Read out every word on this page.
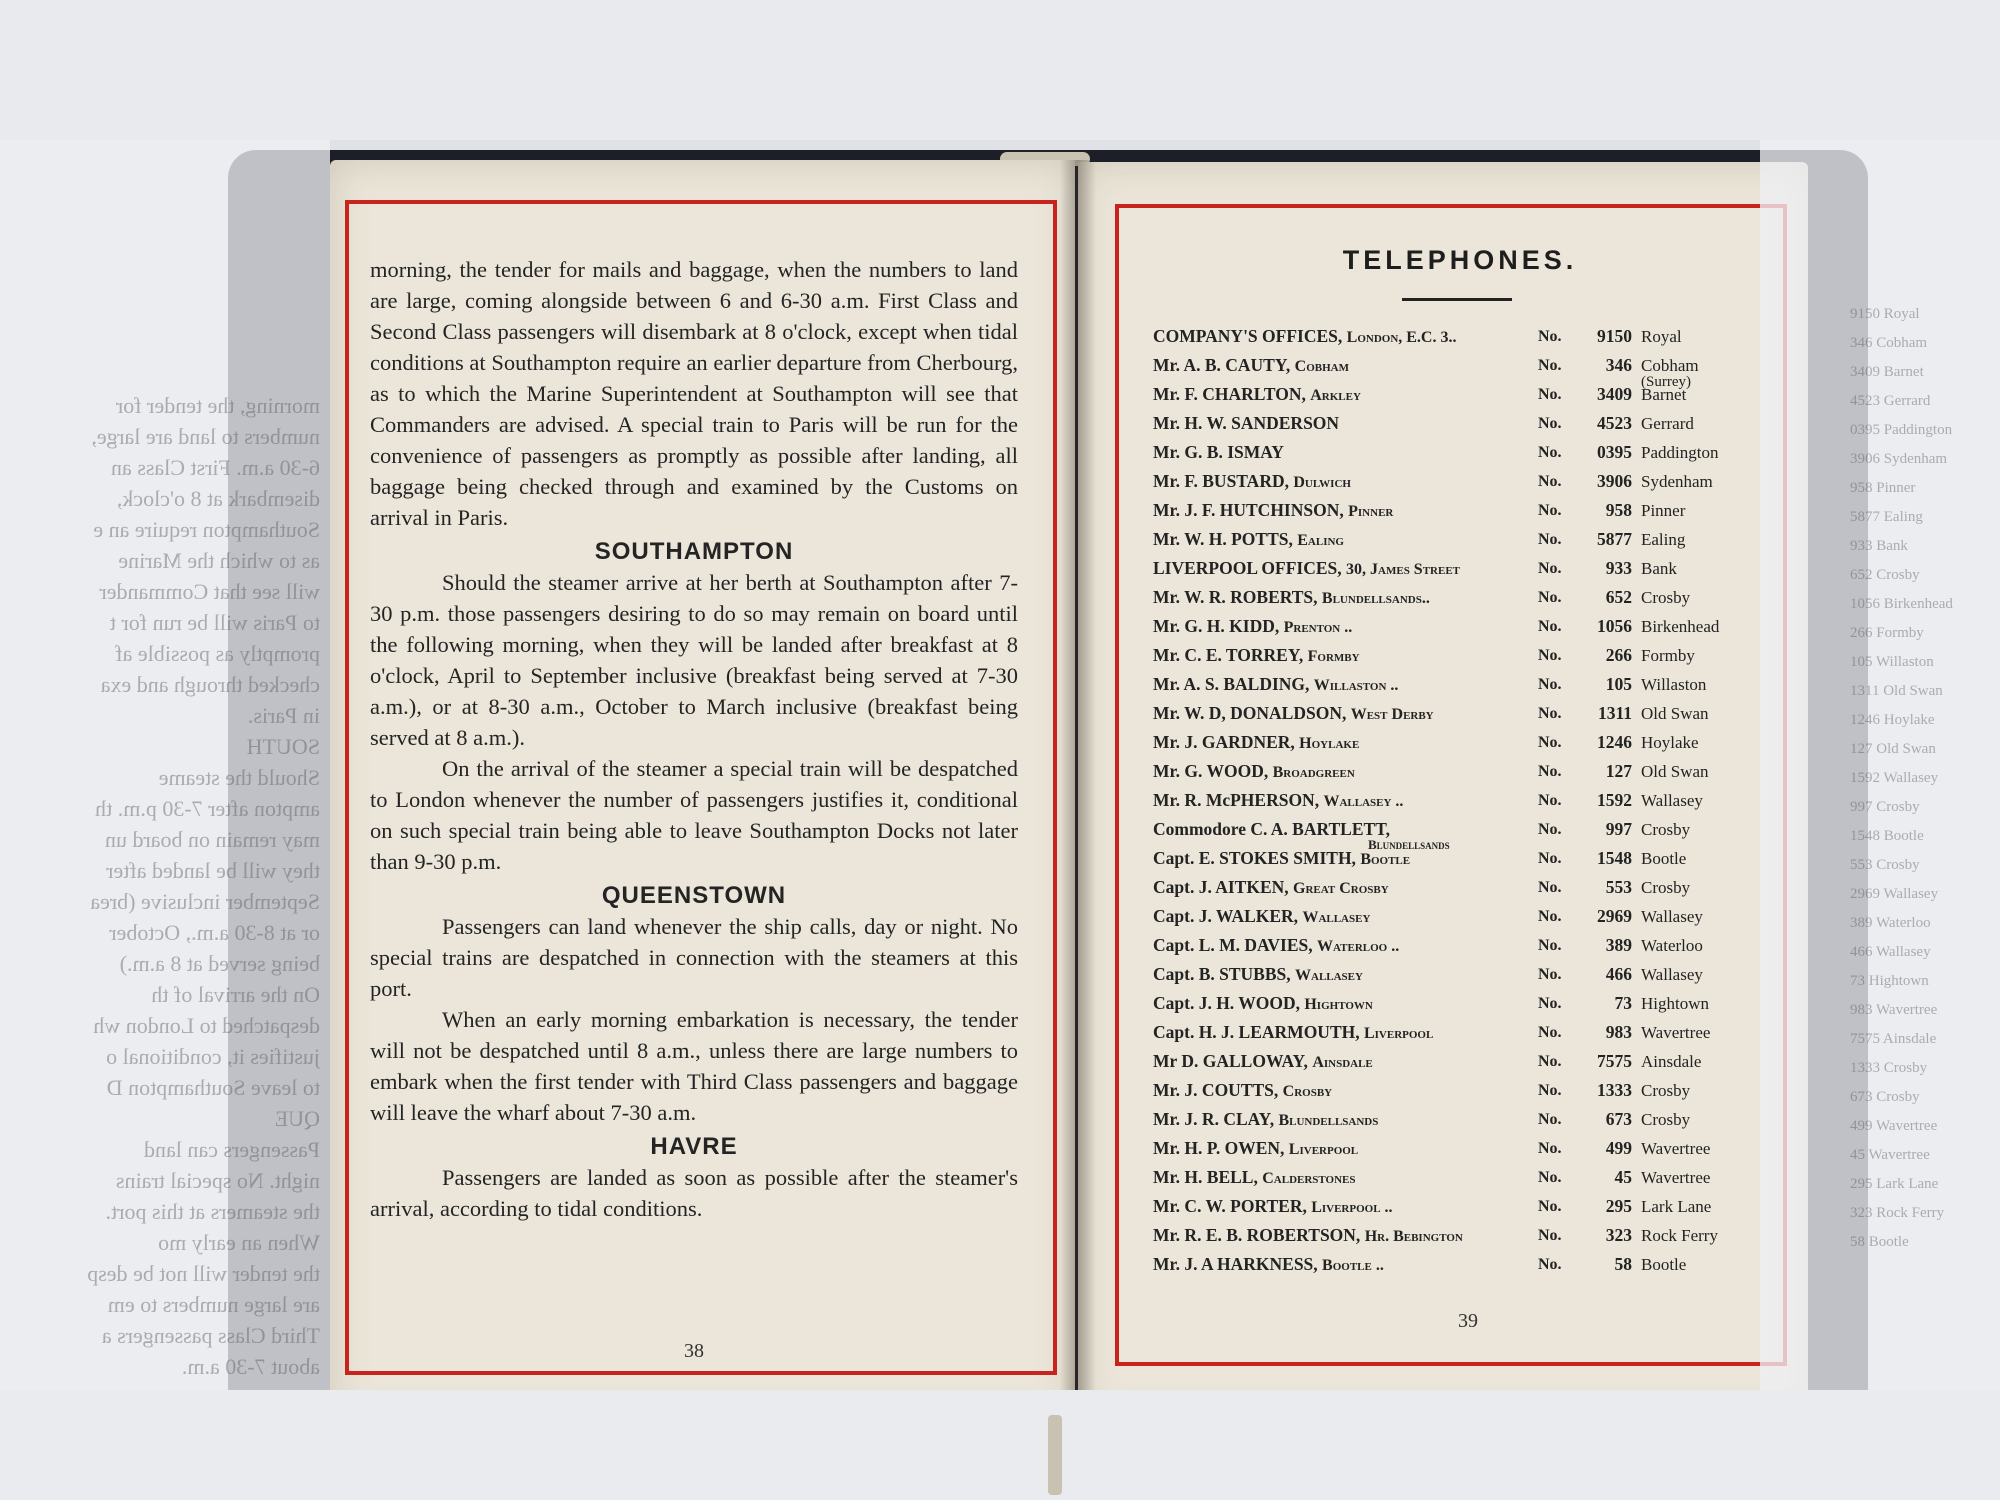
morning, the tender for mails and baggage, when the numbers to land are large, coming alongside between 6 and 6-30 a.m. First Class and Second Class passengers will disembark at 8 o'clock, except when tidal conditions at Southampton require an earlier departure from Cherbourg, as to which the Marine Superintendent at Southampton will see that Commanders are advised. A special train to Paris will be run for the convenience of passengers as promptly as possible after landing, all baggage being checked through and examined by the Customs on arrival in Paris.

SOUTHAMPTON

Should the steamer arrive at her berth at Southampton after 7-30 p.m. those passengers desiring to do so may remain on board until the following morning, when they will be landed after breakfast at 8 o'clock, April to September inclusive (breakfast being served at 7-30 a.m.), or at 8-30 a.m., October to March inclusive (breakfast being served at 8 a.m.).

On the arrival of the steamer a special train will be despatched to London whenever the number of passengers justifies it, conditional on such special train being able to leave Southampton Docks not later than 9-30 p.m.

QUEENSTOWN

Passengers can land whenever the ship calls, day or night. No special trains are despatched in connection with the steamers at this port.

When an early morning embarkation is necessary, the tender will not be despatched until 8 a.m., unless there are large numbers to embark when the first tender with Third Class passengers and baggage will leave the wharf about 7-30 a.m.

HAVRE

Passengers are landed as soon as possible after the steamer's arrival, according to tidal conditions.

38
TELEPHONES.
COMPANY'S OFFICES, London, E.C. 3..	No.	9150 Royal
Mr. A. B. CAUTY, Cobham	No.	346 Cobham
(Surrey)
Mr. F. CHARLTON, Arkley	No.	3409 Barnet
Mr. H. W. SANDERSON	No.	4523 Gerrard
Mr. G. B. ISMAY	No.	0395 Paddington
Mr. F. BUSTARD, Dulwich	No.	3906 Sydenham
Mr. J. F. HUTCHINSON, Pinner	No.	958 Pinner
Mr. W. H. POTTS, Ealing	No.	5877 Ealing
LIVERPOOL OFFICES, 30, James Street	No.	933 Bank
Mr. W. R. ROBERTS, Blundellsands..	No.	652 Crosby
Mr. G. H. KIDD, Prenton ..	No.	1056 Birkenhead
Mr. C. E. TORREY, Formby	No.	266 Formby
Mr. A. S. BALDING, Willaston ..	No.	105 Willaston
Mr. W. D, DONALDSON, West Derby	No.	1311 Old Swan
Mr. J. GARDNER, Hoylake	No.	1246 Hoylake
Mr. G. WOOD, Broadgreen	No.	127 Old Swan
Mr. R. McPHERSON, Wallasey ..	No.	1592 Wallasey
Commodore C. A. BARTLETT,
Blundellsands
No.	997 Crosby
Capt. E. STOKES SMITH, Bootle	No.	1548 Bootle
Capt. J. AITKEN, Great Crosby	No.	553 Crosby
Capt. J. WALKER, Wallasey	No.	2969 Wallasey
Capt. L. M. DAVIES, Waterloo ..	No.	389 Waterloo
Capt. B. STUBBS, Wallasey	No.	466 Wallasey
Capt. J. H. WOOD, Hightown	No.	73 Hightown
Capt. H. J. LEARMOUTH, Liverpool	No.	983 Wavertree
Mr D. GALLOWAY, Ainsdale	No.	7575 Ainsdale
Mr. J. COUTTS, Crosby	No.	1333 Crosby
Mr. J. R. CLAY, Blundellsands	No.	673 Crosby
Mr. H. P. OWEN, Liverpool	No.	499 Wavertree
Mr. H. BELL, Calderstones	No.	45 Wavertree
Mr. C. W. PORTER, Liverpool ..	No.	295 Lark Lane
Mr. R. E. B. ROBERTSON, Hr. Bebington	No.	323 Rock Ferry
Mr. J. A HARKNESS, Bootle ..	No.	58 Bootle
39
morning, the tender for
numbers to land are large,
6-30 a.m. First Class an
disembark at 8 o'clock,
Southampton require an e
as to which the Marine
will see that Commander
to Paris will be run for t
promptly as possible af
checked through and exa
in Paris.
SOUTH
Should the steame
ampton after 7-30 p.m. th
may remain on board un
they will be landed after
September inclusive (brea
or at 8-30 a.m., October
being served at 8 a.m.)
On the arrival of th
despatched to London wh
justifies it, conditional o
to leave Southampton D
QUE
Passengers can land
night. No special trains
the steamers at this port.
When an early mo
the tender will not be desp
are large numbers to em
Third Class passengers a
about 7-30 a.m.
9150 Royal
346 Cobham
3409 Barnet
4523 Gerrard
0395 Paddington
3906 Sydenham
958 Pinner
5877 Ealing
933 Bank
652 Crosby
1056 Birkenhead
266 Formby
105 Willaston
1311 Old Swan
1246 Hoylake
127 Old Swan
1592 Wallasey
997 Crosby
1548 Bootle
553 Crosby
2969 Wallasey
389 Waterloo
466 Wallasey
73 Hightown
983 Wavertree
7575 Ainsdale
1333 Crosby
673 Crosby
499 Wavertree
45 Wavertree
295 Lark Lane
323 Rock Ferry
58 Bootle
